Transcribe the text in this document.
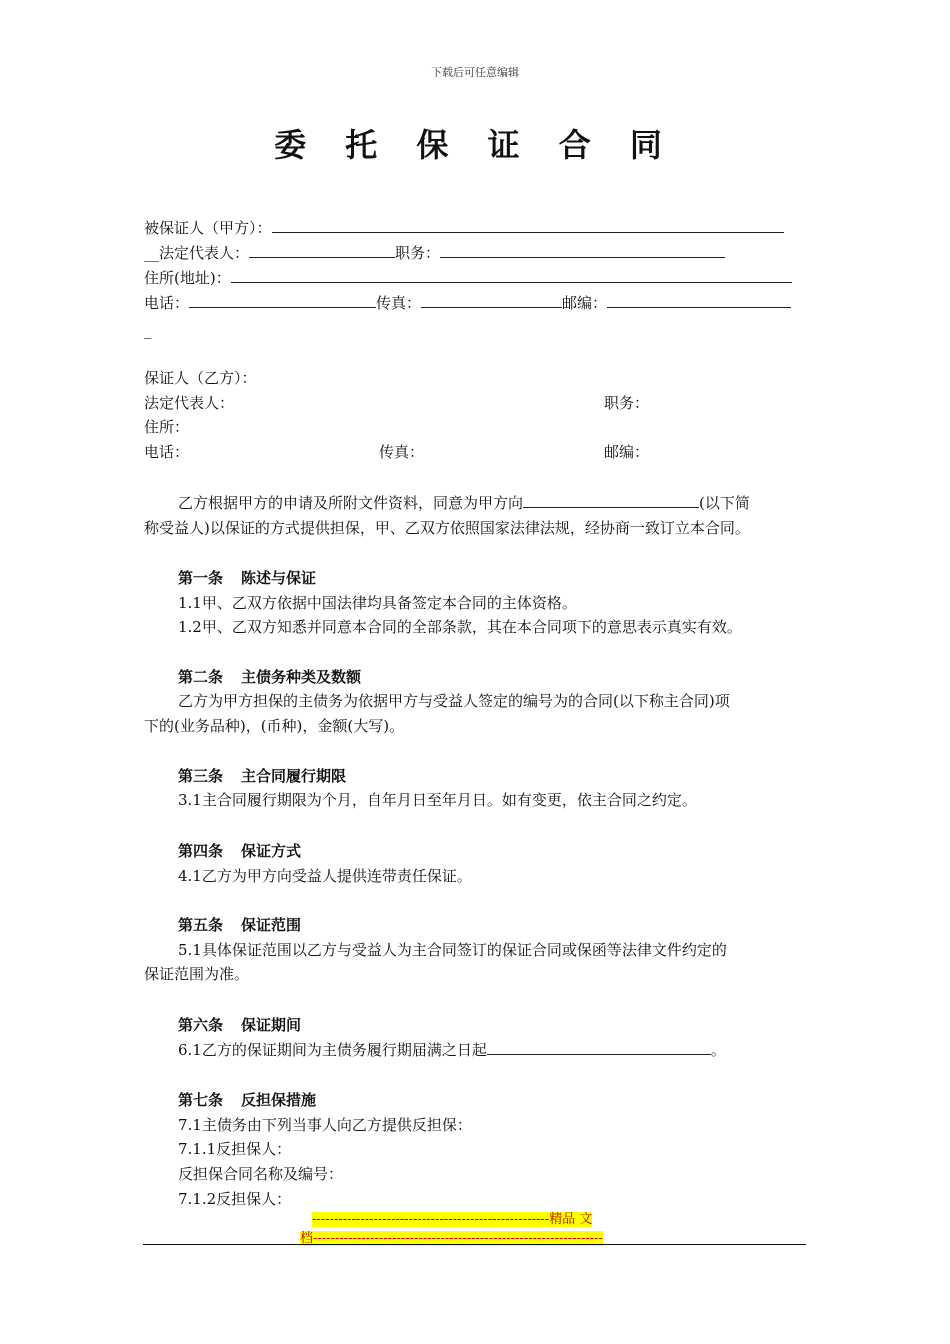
下载后可任意编辑
委 托 保 证 合 同
被保证人（甲方）：
__法定代表人：	职务：
住所(地址)：
电话：	传真：	邮编：
_
保证人（乙方）：
法定代表人：	职务：
住所：
电话：	传真：	邮编：
乙方根据甲方的申请及所附文件资料，同意为甲方向	(以下简
称受益人)以保证的方式提供担保，甲、乙双方依照国家法律法规，经协商一致订立本合同。
第一条 陈述与保证
1.1甲、乙双方依据中国法律均具备签定本合同的主体资格。
1.2甲、乙双方知悉并同意本合同的全部条款，其在本合同项下的意思表示真实有效。
第二条 主债务种类及数额
乙方为甲方担保的主债务为依据甲方与受益人签定的编号为的合同(以下称主合同)项
下的(业务品种)，(币种)，金额(大写)。
第三条 主合同履行期限
3.1主合同履行期限为个月，自年月日至年月日。如有变更，依主合同之约定。
第四条 保证方式
4.1乙方为甲方向受益人提供连带责任保证。
第五条 保证范围
5.1具体保证范围以乙方与受益人为主合同签订的保证合同或保函等法律文件约定的
保证范围为准。
第六条 保证期间
6.1乙方的保证期间为主债务履行期届满之日起	。
第七条 反担保措施
7.1主债务由下列当事人向乙方提供反担保：
7.1.1反担保人：
反担保合同名称及编号：
7.1.2反担保人：
------------------------------------------------------精品 文
档------------------------------------------------------------------
